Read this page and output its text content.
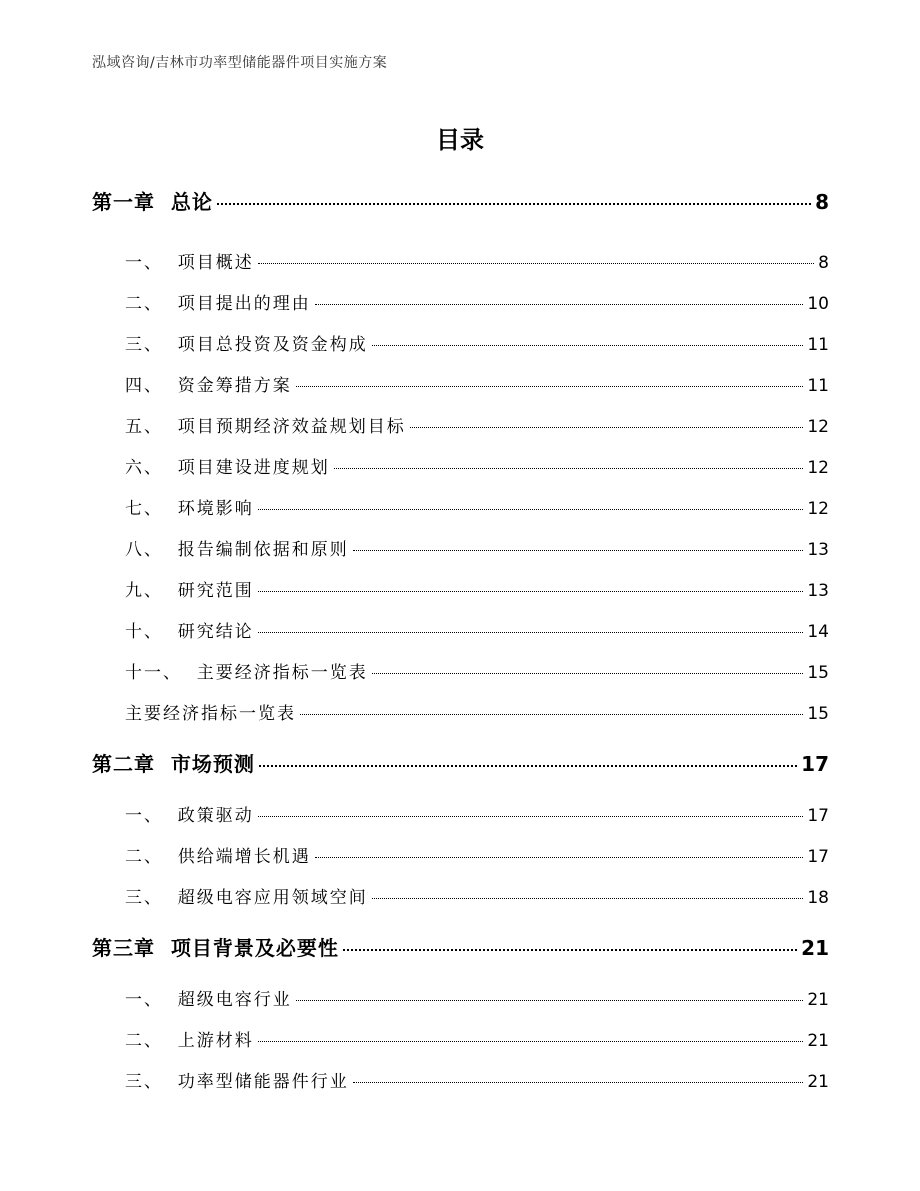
泓域咨询/吉林市功率型储能器件项目实施方案
目录
第一章  总论	8
一、  项目概述	8
二、  项目提出的理由	10
三、  项目总投资及资金构成	11
四、  资金筹措方案	11
五、  项目预期经济效益规划目标	12
六、  项目建设进度规划	12
七、  环境影响	12
八、  报告编制依据和原则	13
九、  研究范围	13
十、  研究结论	14
十一、  主要经济指标一览表	15
主要经济指标一览表	15
第二章  市场预测	17
一、  政策驱动	17
二、  供给端增长机遇	17
三、  超级电容应用领域空间	18
第三章  项目背景及必要性	21
一、  超级电容行业	21
二、  上游材料	21
三、  功率型储能器件行业	21
